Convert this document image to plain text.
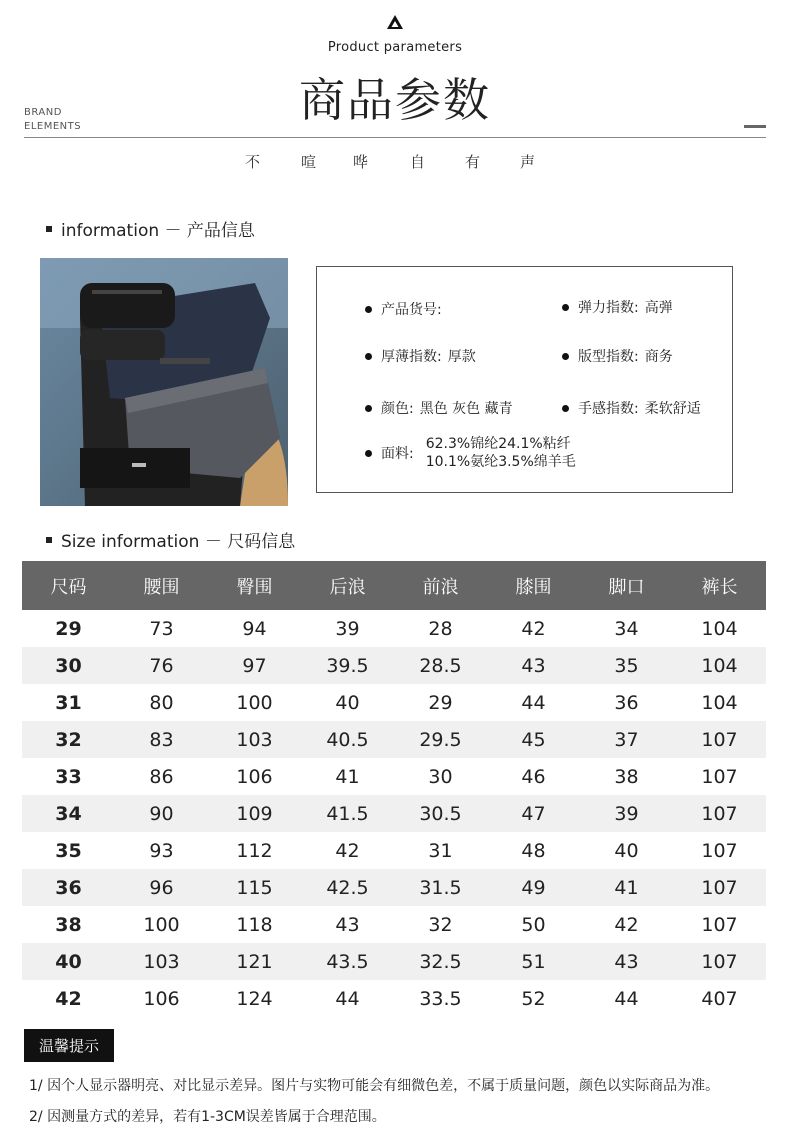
Product parameters
商品参数
BRAND
ELEMENTS
不	喧 哗	自	有	声
information － 产品信息
产品货号:	弹力指数: 高弹
厚薄指数: 厚款	版型指数: 商务
颜色: 黑色 灰色 藏青	手感指数: 柔软舒适
面料:
62.3%锦纶24.1%粘纤
10.1%氨纶3.5%绵羊毛
Size information － 尺码信息
尺码	腰围	臀围	后浪	前浪	膝围	脚口	裤长
29	73	94	39	28	42	34	104
30	76	97	39.5	28.5	43	35	104
31	80	100	40	29	44	36	104
32	83	103	40.5	29.5	45	37	107
33	86	106	41	30	46	38	107
34	90	109	41.5	30.5	47	39	107
35	93	112	42	31	48	40	107
36	96	115	42.5	31.5	49	41	107
38	100	118	43	32	50	42	107
40	103	121	43.5	32.5	51	43	107
42	106	124	44	33.5	52	44	407
温馨提示
1/ 因个人显示器明亮、对比显示差异。图片与实物可能会有细微色差，不属于质量问题，颜色以实际商品为准。
2/ 因测量方式的差异，若有1-3CM误差皆属于合理范围。
